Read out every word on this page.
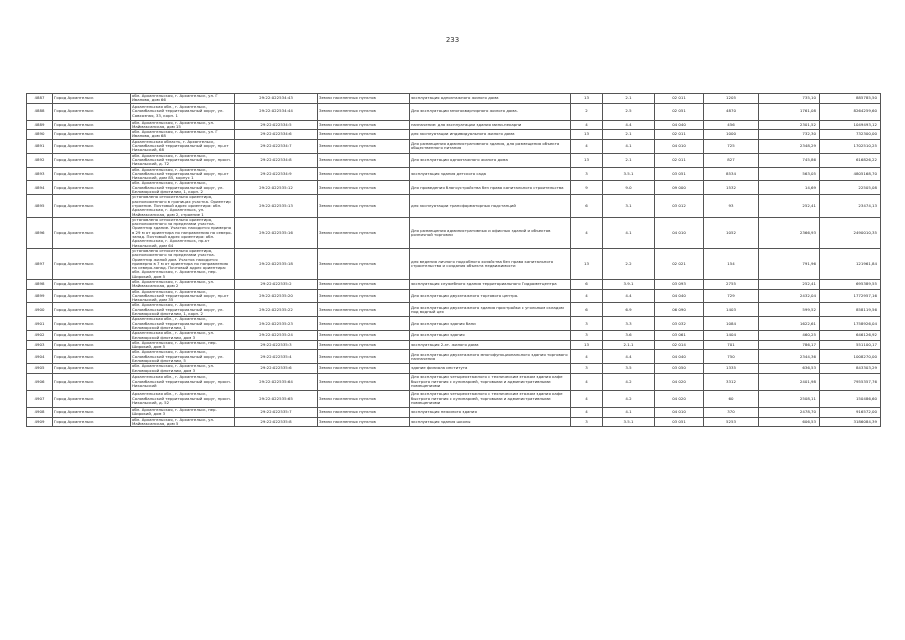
233
4887	Город Архангельск	обл. Архангельская, г. Архангельск, ул. Г Иванова, дом 66	29:22:022534:43	Земли населенных пунктов	эксплуатация одноэтажного жилого дома	13	2.1	02 011	1205	735,10	885785,50
4888	Город Архангельск	Архангельская обл., г. Архангельск, Соломбальский территориальный округ, ул. Совхозная, 33, корп. 1	29:22:022534:44	Земли населенных пунктов	Для эксплуатации многоквартирного жилого дома.	2	2.5	02 051	4870	1761,08	8264259,60
4889	Город Архангельск	обл. Архангельская, г. Архангельск, ул. Маймаксанская, дом 15	29:22:022534:5	Земли населенных пунктов	назначение: для эксплуатации здания мини-пекарни	4	4.4	04 040	456	2301,52	1049493,12
4890	Город Архангельск	обл. Архангельская, г. Архангельск, ул. Г Иванова, дом 68	29:22:022534:6	Земли населенных пунктов	для эксплуатации индивидуального жилого дома	13	2.1	02 011	1000	732,30	732300,00
4891	Город Архангельск	Архангельская область, г. Архангельск, Соломбальский территориальный округ, пр-кт Никольский, 68	29:22:022534:7	Земли населенных пунктов	Для размещения административного здания, для размещения объекта общественного питания	4	4.1	04 010	725	2348,29	1702510,25
4892	Город Архангельск	обл. Архангельская, г. Архангельск, Соломбальский территориальный округ, просп. Никольский, д. 72	29:22:022534:8	Земли населенных пунктов	Для эксплуатации одноэтажного жилого дома	13	2.1	02 011	827	745,86	616826,22
4893	Город Архангельск	обл. Архангельская, г. Архангельск, Соломбальский территориальный округ, пр-кт Никольский, дом 85, корпус 1	29:22:022534:9	Земли населенных пунктов	эксплуатация здания детского сада	3	3.5.1	03 051	8534	563,05	4805168,70
4894	Город Архангельск	обл. Архангельская, г. Архангельск, Соломбальский территориальный округ, ул. Беломорской флотилии, 1, корп. 2	29:22:022535:12	Земли населенных пунктов	Для проведения благоустройства без права капитального строительства	9	9.0	09 000	1532	14,69	22505,08
4895	Город Архангельск	установлено относительно ориентира, расположенного в границах участка. Ориентир строение. Почтовый адрес ориентира: обл. Архангельская, г. Архангельск, ул. Маймаксанская, дом 2, строение 1	29:22:022535:13	Земли населенных пунктов	для эксплуатации трансформаторных подстанций	6	3.1	03 012	93	252,41	23474,13
4896	Город Архангельск	установлено относительно ориентира, расположенного за пределами участка. Ориентир здание. Участок находится примерно в 29 м от ориентира по направлению на северо-запад. Почтовый адрес ориентира: обл. Архангельская, г. Архангельск, пр-кт Никольский, дом 64	29:22:022535:16	Земли населенных пунктов	Для размещения административных и офисных зданий и объектов розничной торговли	4	4.1	04 010	1052	2366,93	2490010,35
4897	Город Архангельск	установлено относительно ориентира, расположенного за пределами участка. Ориентир жилой дом. Участок находится примерно в 7 м от ориентира по направлению на северо-запад. Почтовый адрес ориентира: обл. Архангельская, г. Архангельск, пер. Широкий, дом 5	29:22:022535:18	Земли населенных пунктов	для ведения личного подсобного хозяйства без права капитального строительства и создания объекта недвижимости	13	2.2	02 021	154	791,96	121961,84
4898	Город Архангельск	обл. Архангельская, г. Архангельск, ул. Маймаксанская, дом 2	29:22:022535:2	Земли населенных пунктов	эксплуатация служебного здания территориального Гидрометцентра	6	3.9.1	03 093	2755	252,41	695389,55
4899	Город Архангельск	обл. Архангельская, г. Архангельск, Соломбальский территориальный округ, пр-кт Никольский, дом 35	29:22:022535:20	Земли населенных пунктов	Для эксплуатации двухэтажного торгового центра.	4	4.4	04 040	729	2432,04	1772957,16
4900	Город Архангельск	обл. Архангельская, г. Архангельск, Соломбальский территориальный округ, ул. Беломорской флотилии, 1, корп. 2	29:22:022535:22	Земли населенных пунктов	Для эксплуатации двухэтажного здания пристройки с угольным складом под водный цех	6	6.9	06 090	1403	599,52	858119,56
4901	Город Архангельск	Архангельская обл., г. Архангельск, Соломбальский территориальный округ, ул. Беломорской флотилии, 1	29:22:022535:23	Земли населенных пунктов	Для эксплуатации здания бани	3	3.3	03 032	1084	1622,61	1758926,04
4902	Город Архангельск	Архангельская обл., г. Архангельск, ул. Беломорской флотилии, дом 3	29:22:022535:24	Земли населенных пунктов	Для эксплуатации здания	3	3.6	03 061	1404	460,25	646126,92
4903	Город Архангельск	обл. Архангельская, г. Архангельск, пер. Широкий, дом 5	29:22:022535:3	Земли населенных пунктов	эксплуатация 2-эт. жилого дома	13	2.1.1	02 014	701	786,17	551100,17
4904	Город Архангельск	обл. Архангельская, г. Архангельск, Соломбальский территориальный округ, ул. Беломорской флотилии, 5	29:22:022535:4	Земли населенных пунктов	Для эксплуатации двухэтажного многофункционального здания торгового назначения	4	4.4	04 040	750	2344,36	1008270,00
4905	Город Архангельск	обл. Архангельская, г. Архангельск, ул. Беломорской флотилии, дом 3	29:22:022535:6	Земли населенных пунктов	здание филиала института	3	3.5	03 050	1335	636,53	843303,29
4906	Город Архангельск	Архангельская обл., г. Архангельск, Соломбальский территориальный округ, просп. Никольский	29:22:022535:64	Земли населенных пунктов	Для эксплуатации четырехэтажного с техническим этажом здания кафе быстрого питания с кулинарией, торговыми и административными помещениями	4	4.2	04 020	3312	2401,98	7955357,76
4907	Город Архангельск	Архангельская обл., г. Архангельск, Соломбальский территориальный округ, просп. Никольский, д. 52	29:22:022535:65	Земли населенных пунктов	Для эксплуатации четырехэтажного с техническим этажом здания кафе быстрого питания с кулинарией, торговыми и административными помещениями	4	4.2	04 020	60	2508,11	150486,60
4908	Город Архангельск	обл. Архангельская, г. Архангельск, пер. Широкий, дом 3	29:22:022535:7	Земли населенных пунктов	эксплуатация нежилого здания	4	4.1	04 010	370	2478,70	916572,00
4909	Город Архангельск	обл. Архангельская, г. Архангельск, ул. Маймаксанская, дом 5	29:22:022535:8	Земли населенных пунктов	эксплуатация здания школы	3	3.5.1	03 051	5253	606,53	3186084,39
